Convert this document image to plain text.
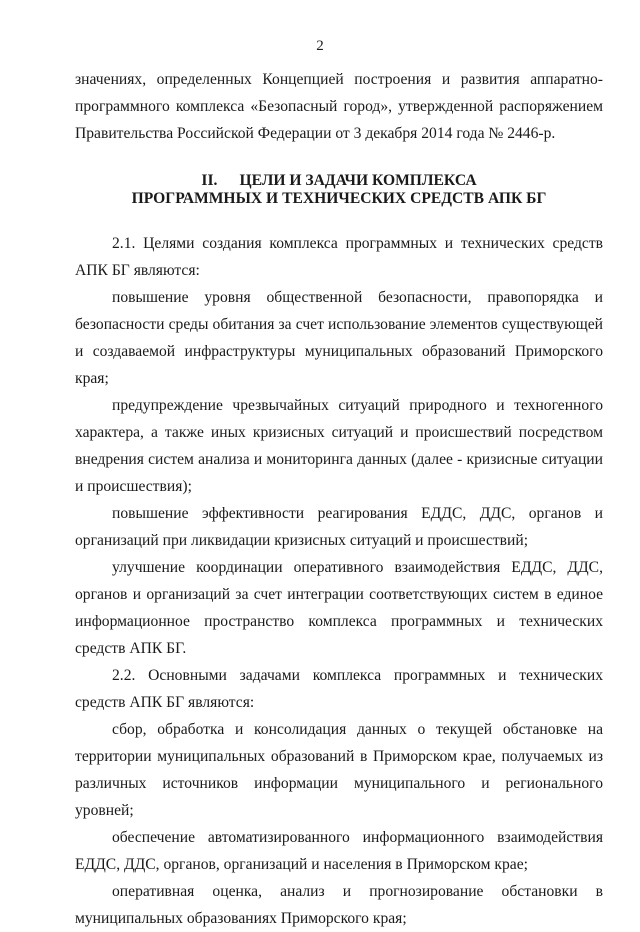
2

значениях, определенных Концепцией построения и развития аппаратно-программного комплекса «Безопасный город», утвержденной распоряжением Правительства Российской Федерации от 3 декабря 2014 года № 2446-р.

II. ЦЕЛИ И ЗАДАЧИ КОМПЛЕКСА
ПРОГРАММНЫХ И ТЕХНИЧЕСКИХ СРЕДСТВ АПК БГ

2.1. Целями создания комплекса программных и технических средств АПК БГ являются:

повышение уровня общественной безопасности, правопорядка и безопасности среды обитания за счет использование элементов существующей и создаваемой инфраструктуры муниципальных образований Приморского края;

предупреждение чрезвычайных ситуаций природного и техногенного характера, а также иных кризисных ситуаций и происшествий посредством внедрения систем анализа и мониторинга данных (далее - кризисные ситуации и происшествия);

повышение эффективности реагирования ЕДДС, ДДС, органов и организаций при ликвидации кризисных ситуаций и происшествий;

улучшение координации оперативного взаимодействия ЕДДС, ДДС, органов и организаций за счет интеграции соответствующих систем в единое информационное пространство комплекса программных и технических средств АПК БГ.

2.2. Основными задачами комплекса программных и технических средств АПК БГ являются:

сбор, обработка и консолидация данных о текущей обстановке на территории муниципальных образований в Приморском крае, получаемых из различных источников информации муниципального и регионального уровней;

обеспечение автоматизированного информационного взаимодействия ЕДДС, ДДС, органов, организаций и населения в Приморском крае;

оперативная оценка, анализ и прогнозирование обстановки в муниципальных образованиях Приморского края;
